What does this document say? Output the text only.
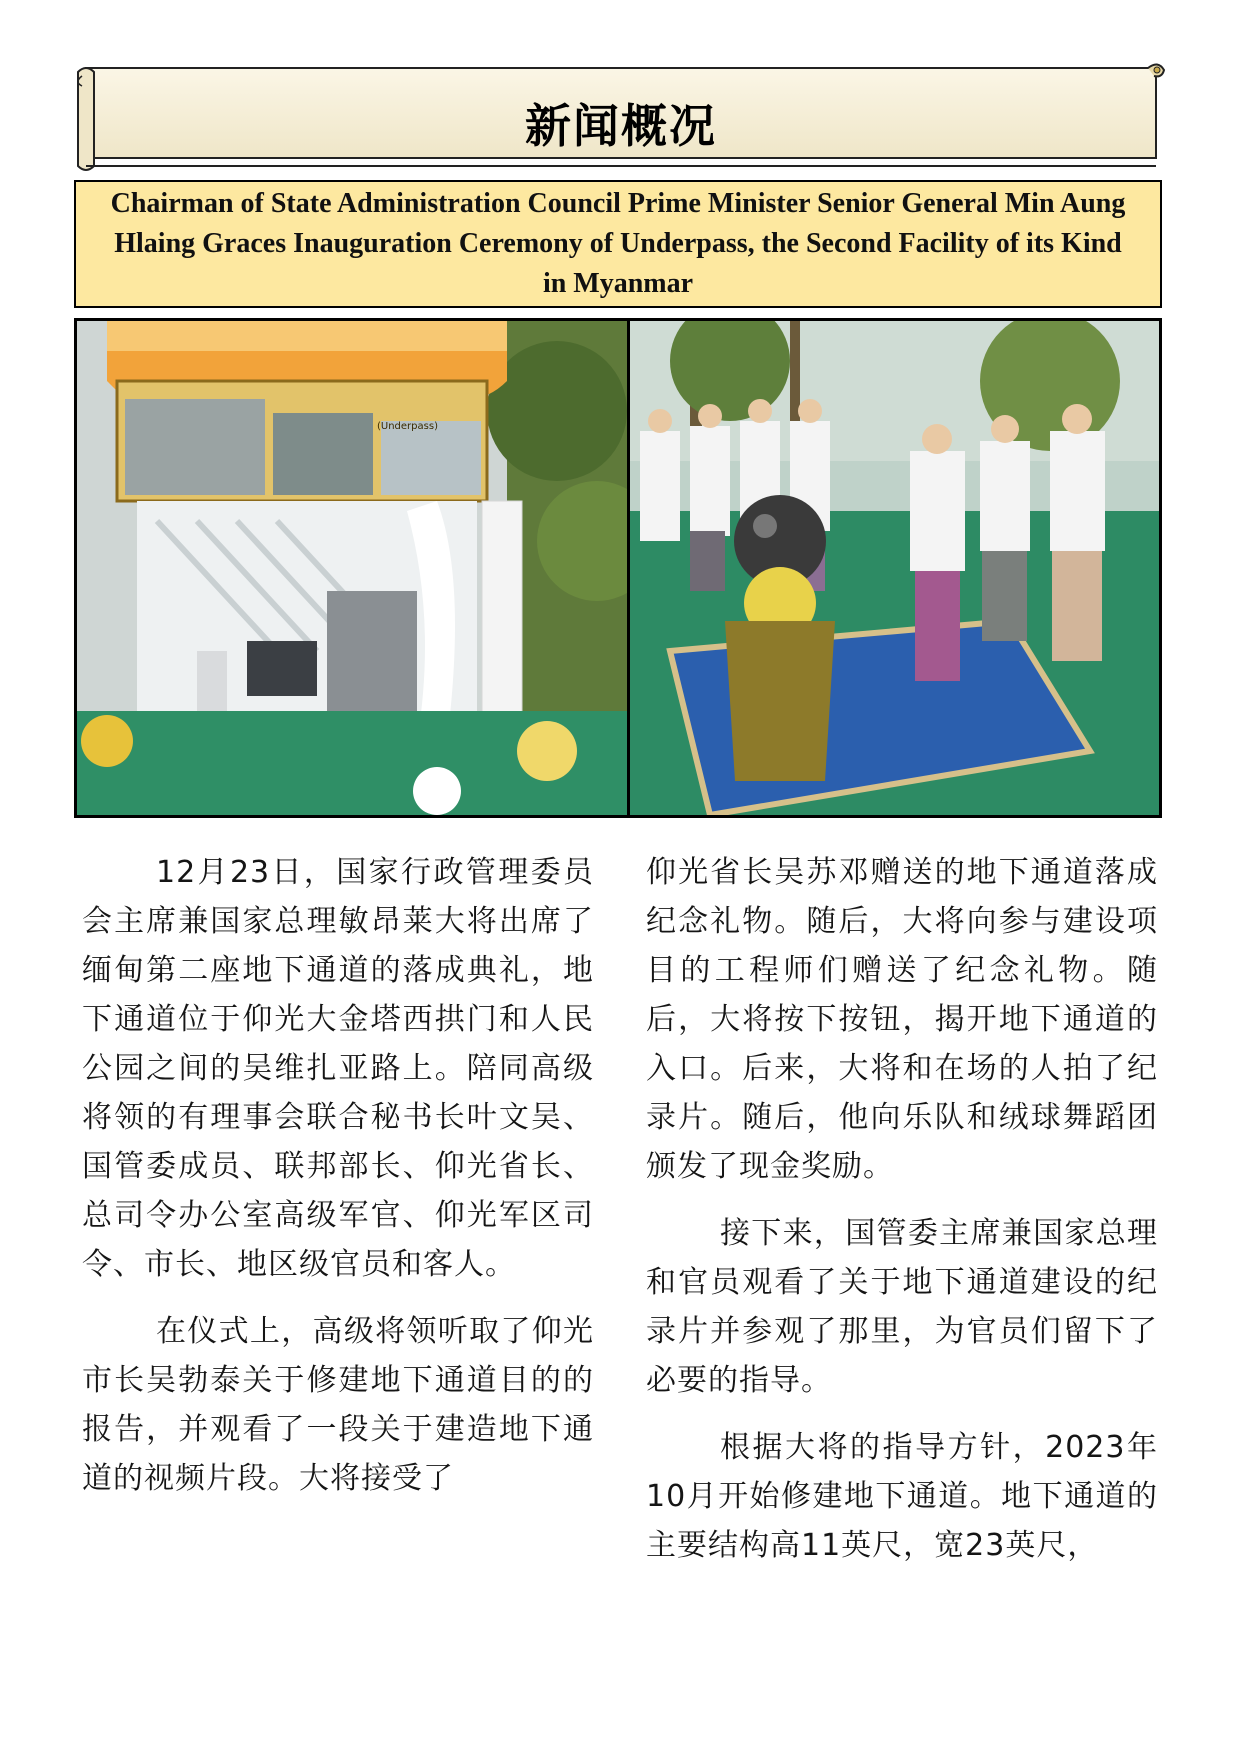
新闻概况
Chairman of State Administration Council Prime Minister Senior General Min Aung Hlaing Graces Inauguration Ceremony of Underpass, the Second Facility of its Kind in Myanmar
(Underpass)

12月23日，国家行政管理委员会主席兼国家总理敏昂莱大将出席了缅甸第二座地下通道的落成典礼，地下通道位于仰光大金塔西拱门和人民公园之间的吴维扎亚路上。陪同高级将领的有理事会联合秘书长叶文吴、国管委成员、联邦部长、仰光省长、总司令办公室高级军官、仰光军区司令、市长、地区级官员和客人。

在仪式上，高级将领听取了仰光市长吴勃泰关于修建地下通道目的的报告，并观看了一段关于建造地下通道的视频片段。大将接受了

仰光省长吴苏邓赠送的地下通道落成纪念礼物。随后，大将向参与建设项目的工程师们赠送了纪念礼物。随后，大将按下按钮，揭开地下通道的入口。后来，大将和在场的人拍了纪录片。随后，他向乐队和绒球舞蹈团颁发了现金奖励。

接下来，国管委主席兼国家总理和官员观看了关于地下通道建设的纪录片并参观了那里，为官员们留下了必要的指导。

根据大将的指导方针，2023年10月开始修建地下通道。地下通道的主要结构高11英尺，宽23英尺，
